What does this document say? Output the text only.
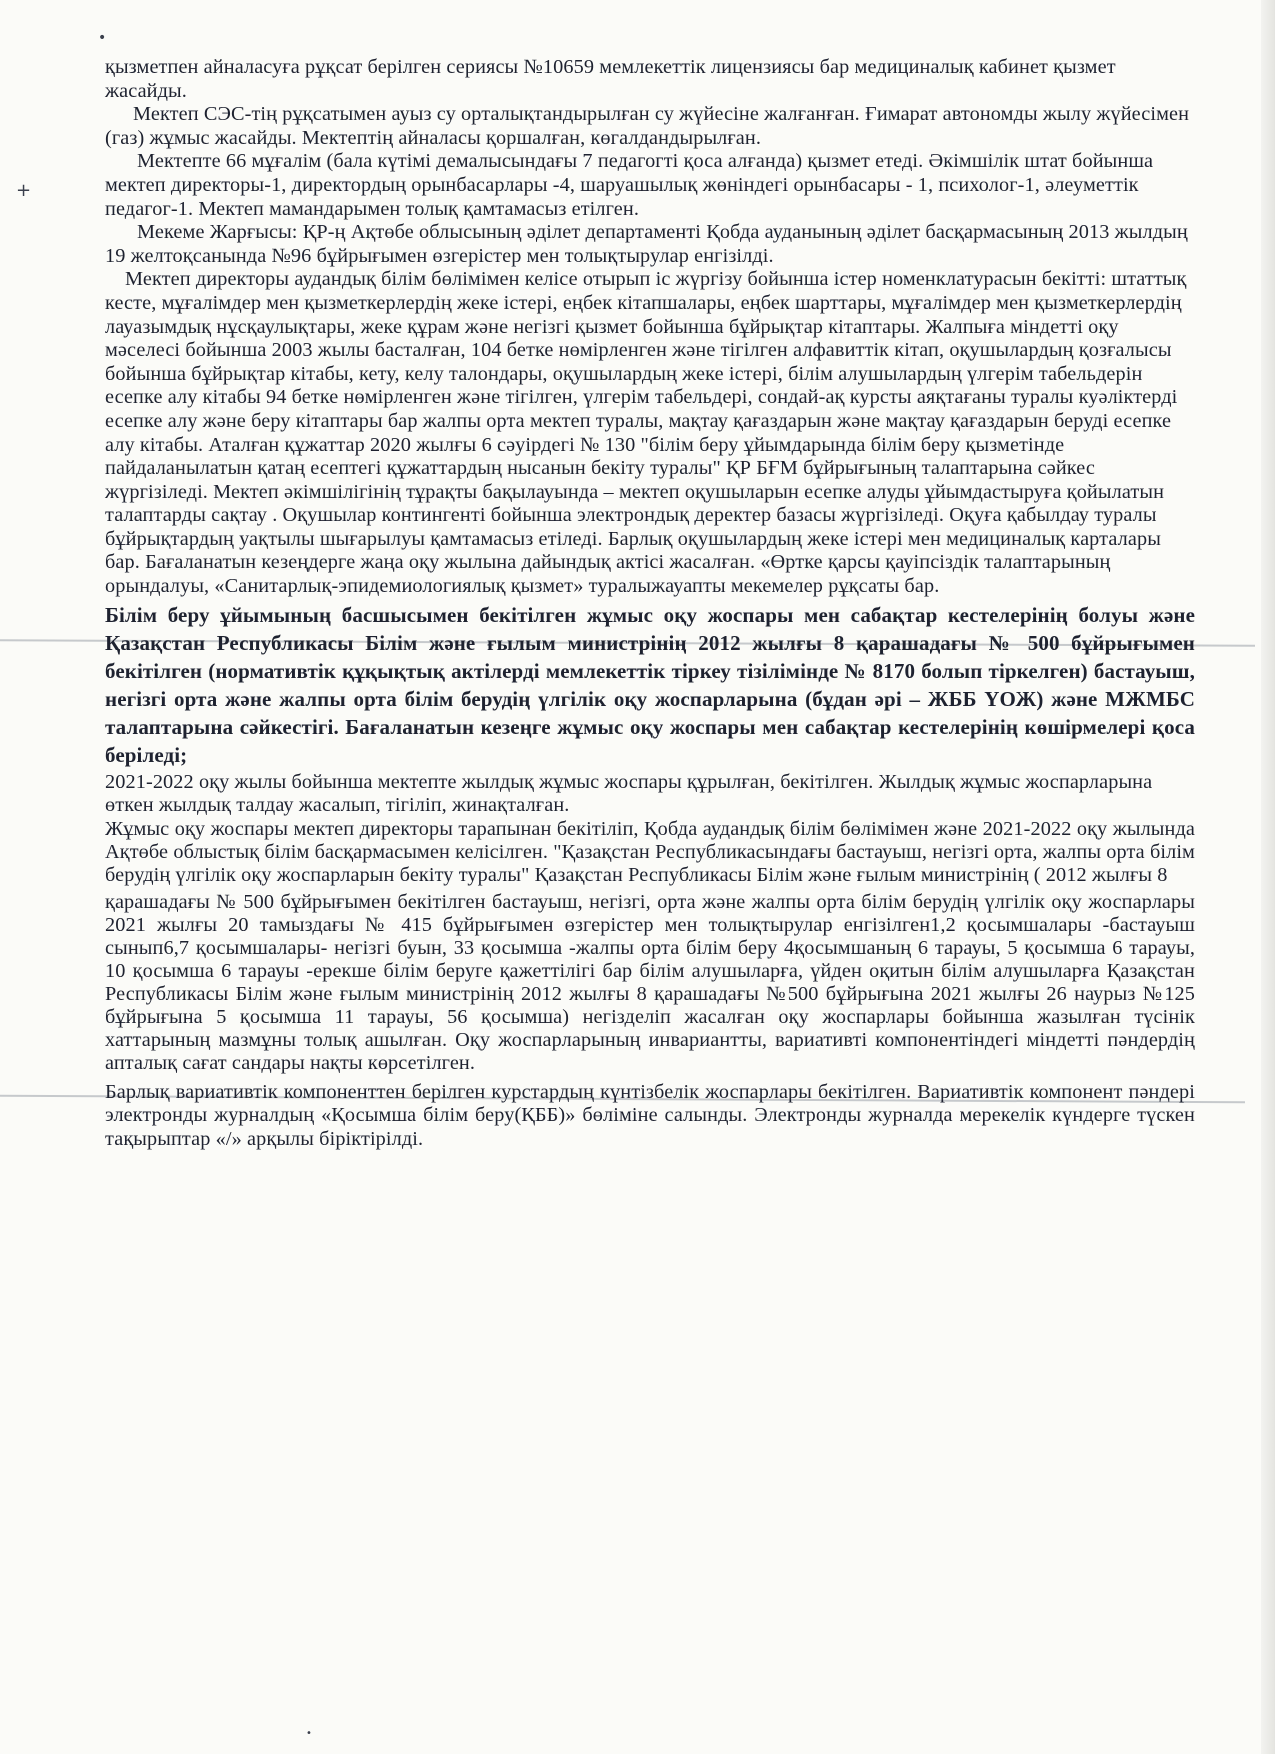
•
+
•

қызметпен айналасуға рұқсат берілген сериясы №10659 мемлекеттік лицензиясы бар медициналық кабинет қызмет жасайды.

Мектеп СЭС-тің рұқсатымен ауыз су орталықтандырылған су жүйесіне жалғанған. Ғимарат автономды жылу жүйесімен (газ) жұмыс жасайды. Мектептің айналасы қоршалған, көгалдандырылған.

Мектепте 66 мұғалім (бала күтімі демалысындағы 7 педагогті қоса алғанда) қызмет етеді. Әкімшілік штат бойынша мектеп директоры-1, директордың орынбасарлары -4, шаруашылық жөніндегі орынбасары - 1, психолог-1, әлеуметтік педагог-1. Мектеп мамандарымен толық қамтамасыз етілген.

Мекеме Жарғысы: ҚР-ң Ақтөбе облысының әділет департаменті Қобда ауданының әділет басқармасының 2013 жылдың 19 желтоқсанында №96 бұйрығымен өзгерістер мен толықтырулар енгізілді.

Мектеп директоры аудандық білім бөлімімен келісе отырып іс жүргізу бойынша істер номенклатурасын бекітті: штаттық кесте, мұғалімдер мен қызметкерлердің жеке істері, еңбек кітапшалары, еңбек шарттары, мұғалімдер мен қызметкерлердің лауазымдық нұсқаулықтары, жеке құрам және негізгі қызмет бойынша бұйрықтар кітаптары. Жалпыға міндетті оқу мәселесі бойынша 2003 жылы басталған, 104 бетке нөмірленген және тігілген алфавиттік кітап, оқушылардың қозғалысы бойынша бұйрықтар кітабы, кету, келу талондары, оқушылардың жеке істері, білім алушылардың үлгерім табельдерін есепке алу кітабы 94 бетке нөмірленген және тігілген, үлгерім табельдері, сондай-ақ курсты аяқтағаны туралы куәліктерді есепке алу және беру кітаптары бар жалпы орта мектеп туралы, мақтау қағаздарын және мақтау қағаздарын беруді есепке алу кітабы. Аталған құжаттар 2020 жылғы 6 сәуірдегі № 130 "білім беру ұйымдарында білім беру қызметінде пайдаланылатын қатаң есептегі құжаттардың нысанын бекіту туралы" ҚР БҒМ бұйрығының талаптарына сәйкес жүргізіледі. Мектеп әкімшілігінің тұрақты бақылауында – мектеп оқушыларын есепке алуды ұйымдастыруға қойылатын талаптарды сақтау . Оқушылар контингенті бойынша электрондық деректер базасы жүргізіледі. Оқуға қабылдау туралы бұйрықтардың уақтылы шығарылуы қамтамасыз етіледі. Барлық оқушылардың жеке істері мен медициналық карталары бар. Бағаланатын кезеңдерге жаңа оқу жылына дайындық актісі жасалған. «Өртке қарсы қауіпсіздік талаптарының орындалуы, «Санитарлық-эпидемиологиялық қызмет» туралыжауапты мекемелер рұқсаты бар.

Білім беру ұйымының басшысымен бекітілген жұмыс оқу жоспары мен сабақтар кестелерінің болуы және Қазақстан Республикасы Білім және ғылым министрінің 2012 жылғы 8 қарашадағы № 500 бұйрығымен бекітілген (нормативтік құқықтық актілерді мемлекеттік тіркеу тізілімінде № 8170 болып тіркелген) бастауыш, негізгі орта және жалпы орта білім берудің үлгілік оқу жоспарларына (бұдан әрі – ЖББ ҮОЖ) және МЖМБС талаптарына сәйкестігі. Бағаланатын кезеңге жұмыс оқу жоспары мен сабақтар кестелерінің көшірмелері қоса беріледі;

2021-2022 оқу жылы бойынша мектепте жылдық жұмыс жоспары құрылған, бекітілген. Жылдық жұмыс жоспарларына өткен жылдық талдау жасалып, тігіліп, жинақталған.

Жұмыс оқу жоспары мектеп директоры тарапынан бекітіліп, Қобда аудандық білім бөлімімен және 2021-2022 оқу жылында Ақтөбе облыстық білім басқармасымен келісілген. "Қазақстан Республикасындағы бастауыш, негізгі орта, жалпы орта білім берудің үлгілік оқу жоспарларын бекіту туралы" Қазақстан Республикасы Білім және ғылым министрінің ( 2012 жылғы 8

қарашадағы № 500 бұйрығымен бекітілген бастауыш, негізгі, орта және жалпы орта білім берудің үлгілік оқу жоспарлары 2021 жылғы 20 тамыздағы № 415 бұйрығымен өзгерістер мен толықтырулар енгізілген1,2 қосымшалары -бастауыш сынып6,7 қосымшалары- негізгі буын, 33 қосымша -жалпы орта білім беру 4қосымшаның 6 тарауы, 5 қосымша 6 тарауы, 10 қосымша 6 тарауы -ерекше білім беруге қажеттілігі бар білім алушыларға, үйден оқитын білім алушыларға Қазақстан Республикасы Білім және ғылым министрінің 2012 жылғы 8 қарашадағы №500 бұйрығына 2021 жылғы 26 наурыз №125 бұйрығына 5 қосымша 11 тарауы, 56 қосымша) негізделіп жасалған оқу жоспарлары бойынша жазылған түсінік хаттарының мазмұны толық ашылған. Оқу жоспарларының инвариантты, вариативті компонентіндегі міндетті пәндердің апталық сағат сандары нақты көрсетілген.

Барлық вариативтік компоненттен берілген курстардың күнтізбелік жоспарлары бекітілген. Вариативтік компонент пәндері электронды журналдың «Қосымша білім беру(ҚББ)» бөліміне салынды. Электронды журналда мерекелік күндерге түскен тақырыптар «/» арқылы біріктірілді.
